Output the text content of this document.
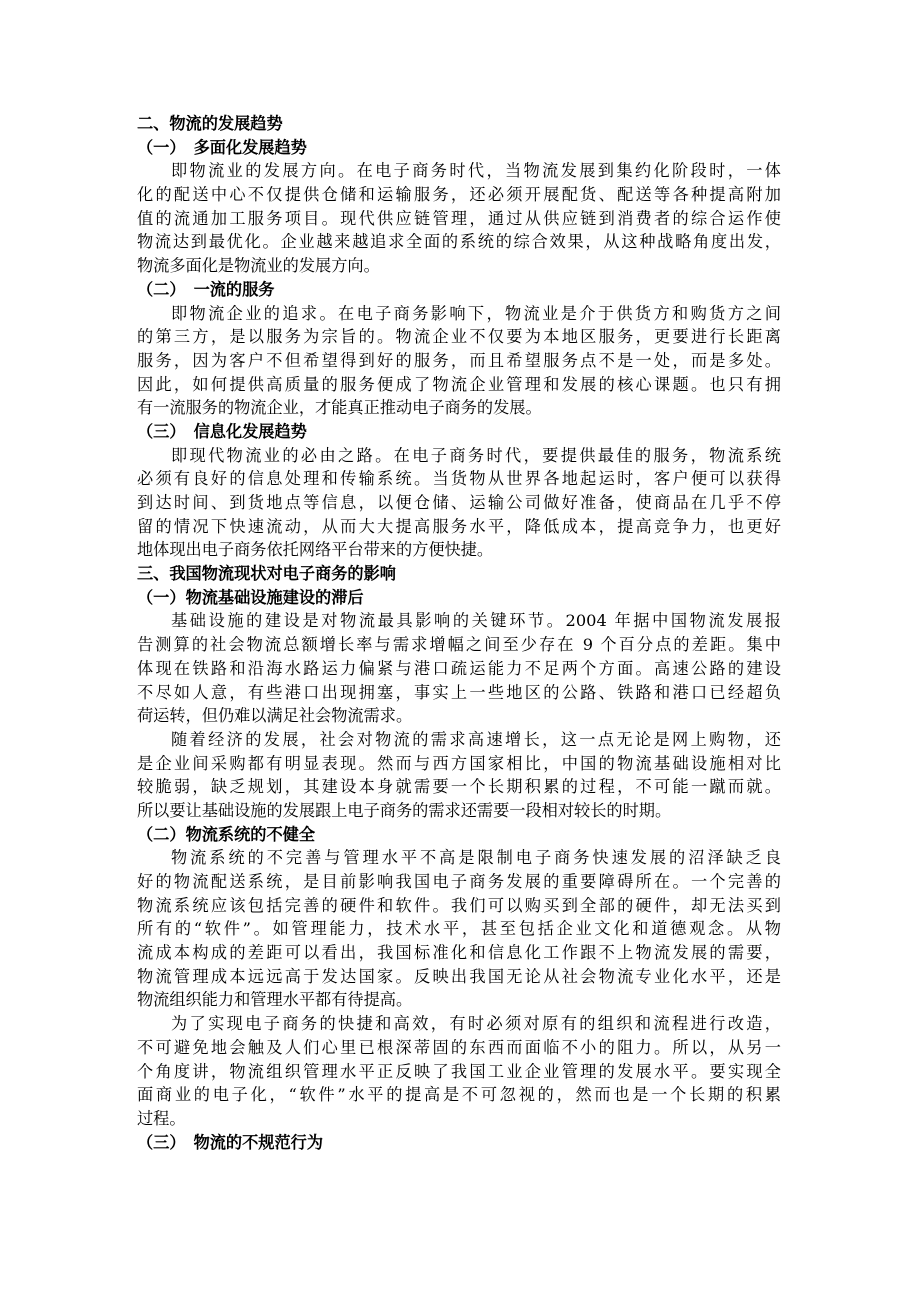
二、物流的发展趋势
（一） 多面化发展趋势
即物流业的发展方向。在电子商务时代，当物流发展到集约化阶段时，一体
化的配送中心不仅提供仓储和运输服务，还必须开展配货、配送等各种提高附加
值的流通加工服务项目。现代供应链管理，通过从供应链到消费者的综合运作使
物流达到最优化。企业越来越追求全面的系统的综合效果，从这种战略角度出发，
物流多面化是物流业的发展方向。
（二） 一流的服务
即物流企业的追求。在电子商务影响下，物流业是介于供货方和购货方之间
的第三方，是以服务为宗旨的。物流企业不仅要为本地区服务，更要进行长距离
服务，因为客户不但希望得到好的服务，而且希望服务点不是一处，而是多处。
因此，如何提供高质量的服务便成了物流企业管理和发展的核心课题。也只有拥
有一流服务的物流企业，才能真正推动电子商务的发展。
（三） 信息化发展趋势
即现代物流业的必由之路。在电子商务时代，要提供最佳的服务，物流系统
必须有良好的信息处理和传输系统。当货物从世界各地起运时，客户便可以获得
到达时间、到货地点等信息，以便仓储、运输公司做好准备，使商品在几乎不停
留的情况下快速流动，从而大大提高服务水平，降低成本，提高竞争力，也更好
地体现出电子商务依托网络平台带来的方便快捷。
三、我国物流现状对电子商务的影响
（一）物流基础设施建设的滞后
基础设施的建设是对物流最具影响的关键环节。2004 年据中国物流发展报
告测算的社会物流总额增长率与需求增幅之间至少存在 9 个百分点的差距。集中
体现在铁路和沿海水路运力偏紧与港口疏运能力不足两个方面。高速公路的建设
不尽如人意，有些港口出现拥塞，事实上一些地区的公路、铁路和港口已经超负
荷运转，但仍难以满足社会物流需求。
随着经济的发展，社会对物流的需求高速增长，这一点无论是网上购物，还
是企业间采购都有明显表现。然而与西方国家相比，中国的物流基础设施相对比
较脆弱，缺乏规划，其建设本身就需要一个长期积累的过程，不可能一蹴而就。
所以要让基础设施的发展跟上电子商务的需求还需要一段相对较长的时期。
（二）物流系统的不健全
物流系统的不完善与管理水平不高是限制电子商务快速发展的沼泽缺乏良
好的物流配送系统，是目前影响我国电子商务发展的重要障碍所在。一个完善的
物流系统应该包括完善的硬件和软件。我们可以购买到全部的硬件，却无法买到
所有的“软件”。如管理能力，技术水平，甚至包括企业文化和道德观念。从物
流成本构成的差距可以看出，我国标准化和信息化工作跟不上物流发展的需要，
物流管理成本远远高于发达国家。反映出我国无论从社会物流专业化水平，还是
物流组织能力和管理水平都有待提高。
为了实现电子商务的快捷和高效，有时必须对原有的组织和流程进行改造，
不可避免地会触及人们心里已根深蒂固的东西而面临不小的阻力。所以，从另一
个角度讲，物流组织管理水平正反映了我国工业企业管理的发展水平。要实现全
面商业的电子化，“软件”水平的提高是不可忽视的，然而也是一个长期的积累
过程。
（三） 物流的不规范行为
